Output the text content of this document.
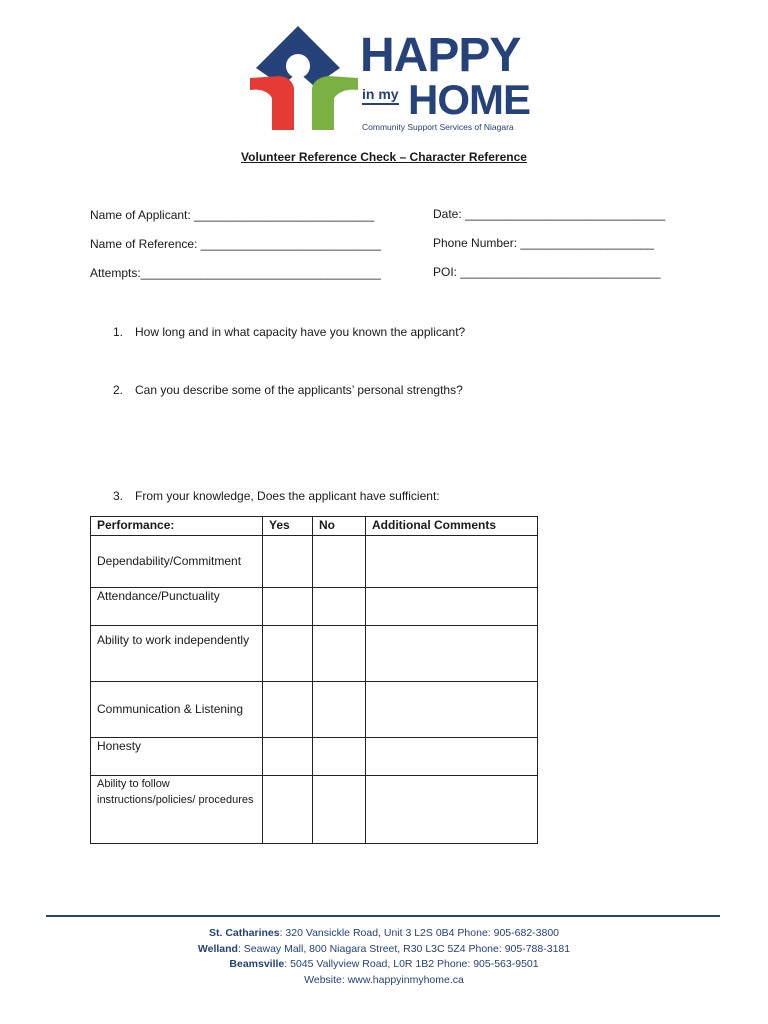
HAPPY
in my HOME
Community Support Services of Niagara
Volunteer Reference Check – Character Reference
Name of Applicant: ___________________________	Date: ______________________________
Name of Reference: ___________________________	Phone Number: ____________________
Attempts:____________________________________	POI: ______________________________
1. How long and in what capacity have you known the applicant?
2. Can you describe some of the applicants’ personal strengths?
3. From your knowledge, Does the applicant have sufficient:
Performance:	Yes	No	Additional Comments
Dependability/Commitment			
Attendance/Punctuality			
Ability to work independently			
Communication & Listening			
Honesty			
Ability to follow instructions/policies/ procedures			
St. Catharines: 320 Vansickle Road, Unit 3 L2S 0B4 Phone: 905-682-3800
Welland: Seaway Mall, 800 Niagara Street, R30 L3C 5Z4 Phone: 905-788-3181
Beamsville: 5045 Vallyview Road, L0R 1B2 Phone: 905-563-9501
Website: www.happyinmyhome.ca
